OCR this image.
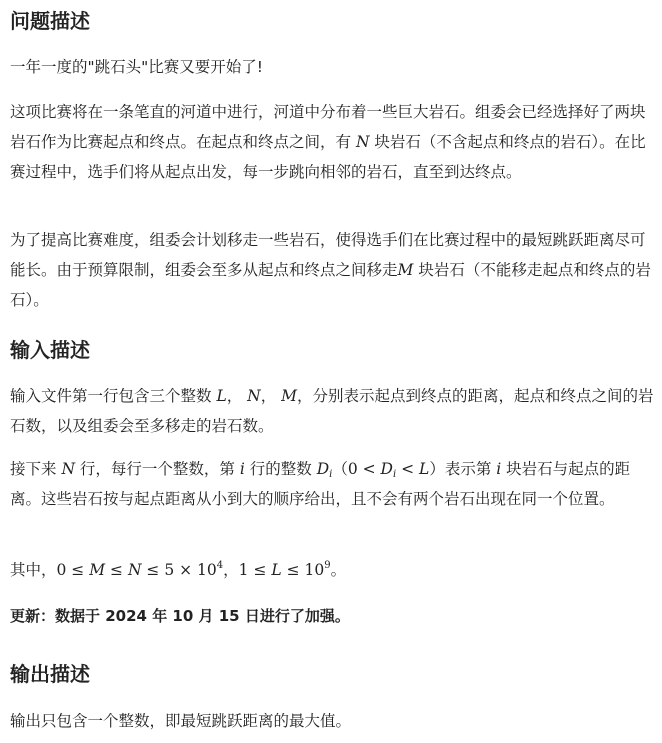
问题描述

一年一度的"跳石头"比赛又要开始了!

这项比赛将在一条笔直的河道中进行，河道中分布着一些巨大岩石。组委会已经选择好了两块岩石作为比赛起点和终点。在起点和终点之间，有 N 块岩石（不含起点和终点的岩石）。在比赛过程中，选手们将从起点出发，每一步跳向相邻的岩石，直至到达终点。

为了提高比赛难度，组委会计划移走一些岩石，使得选手们在比赛过程中的最短跳跃距离尽可能长。由于预算限制，组委会至多从起点和终点之间移走M 块岩石（不能移走起点和终点的岩石）。

输入描述

输入文件第一行包含三个整数 L， N， M，分别表示起点到终点的距离，起点和终点之间的岩石数，以及组委会至多移走的岩石数。

接下来 N 行，每行一个整数，第 i 行的整数 $D_i(0 < D_i < L)$表示第 i 块岩石与起点的距离。这些岩石按与起点距离从小到大的顺序给出，且不会有两个岩石出现在同一个位置。

其中，$0 \le M \le N \le 5 \times 10^4$，$1 \le L \le 10^9$。

更新：数据于 2024 年 10 月 15 日进行了加强。

输出描述

输出只包含一个整数，即最短跳跃距离的最大值。
